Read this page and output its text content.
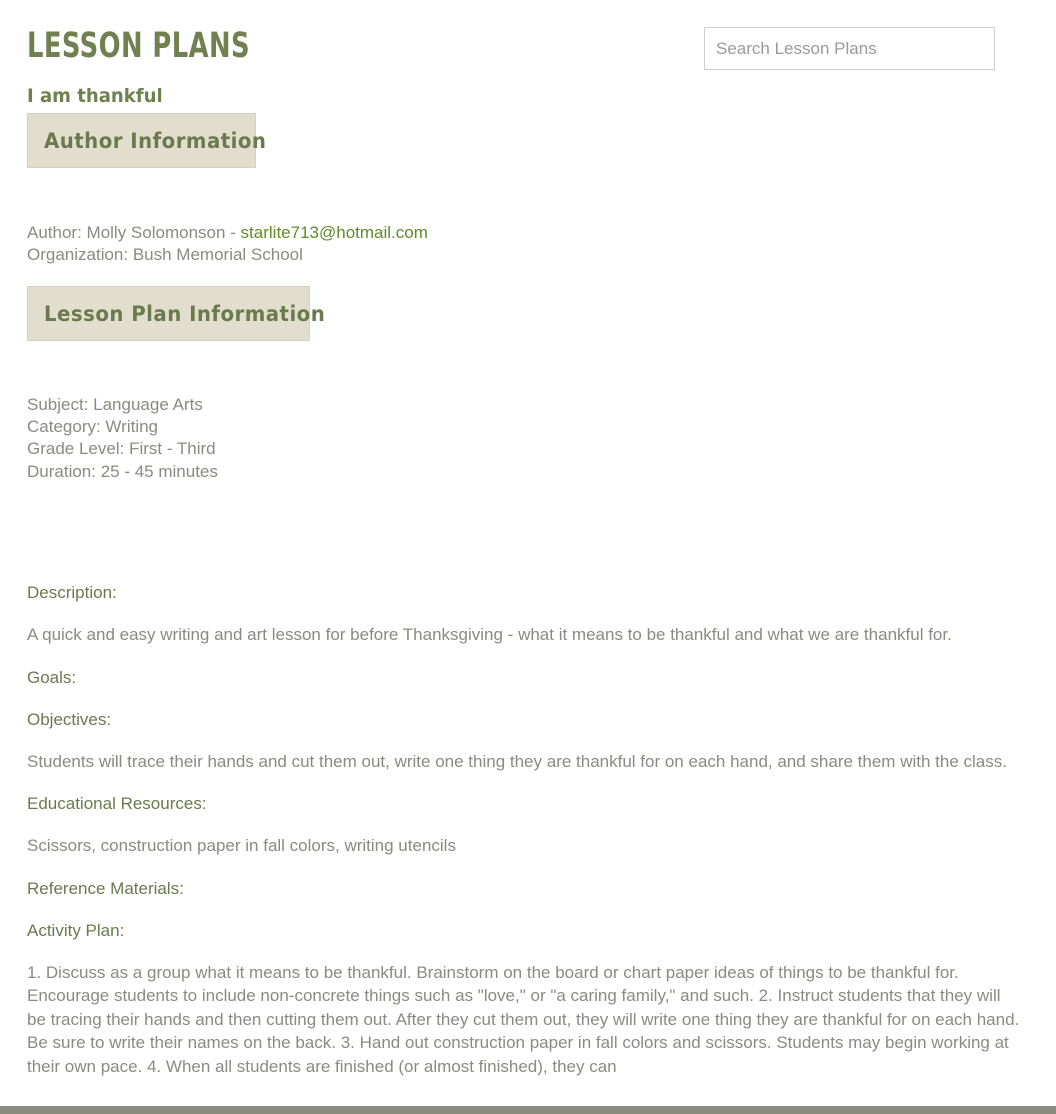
LESSON PLANS
Search Lesson Plans
I am thankful
Author Information
Author: Molly Solomonson - starlite713@hotmail.com
Organization: Bush Memorial School
Lesson Plan Information
Subject: Language Arts
Category: Writing
Grade Level: First - Third
Duration: 25 - 45 minutes

Description:

A quick and easy writing and art lesson for before Thanksgiving - what it means to be thankful and what we are thankful for.

Goals:

Objectives:

Students will trace their hands and cut them out, write one thing they are thankful for on each hand, and share them with the class.

Educational Resources:

Scissors, construction paper in fall colors, writing utencils

Reference Materials:

Activity Plan:

1. Discuss as a group what it means to be thankful. Brainstorm on the board or chart paper ideas of things to be thankful for. Encourage students to include non-concrete things such as "love," or "a caring family," and such. 2. Instruct students that they will be tracing their hands and then cutting them out. After they cut them out, they will write one thing they are thankful for on each hand. Be sure to write their names on the back. 3. Hand out construction paper in fall colors and scissors. Students may begin working at their own pace. 4. When all students are finished (or almost finished), they can
